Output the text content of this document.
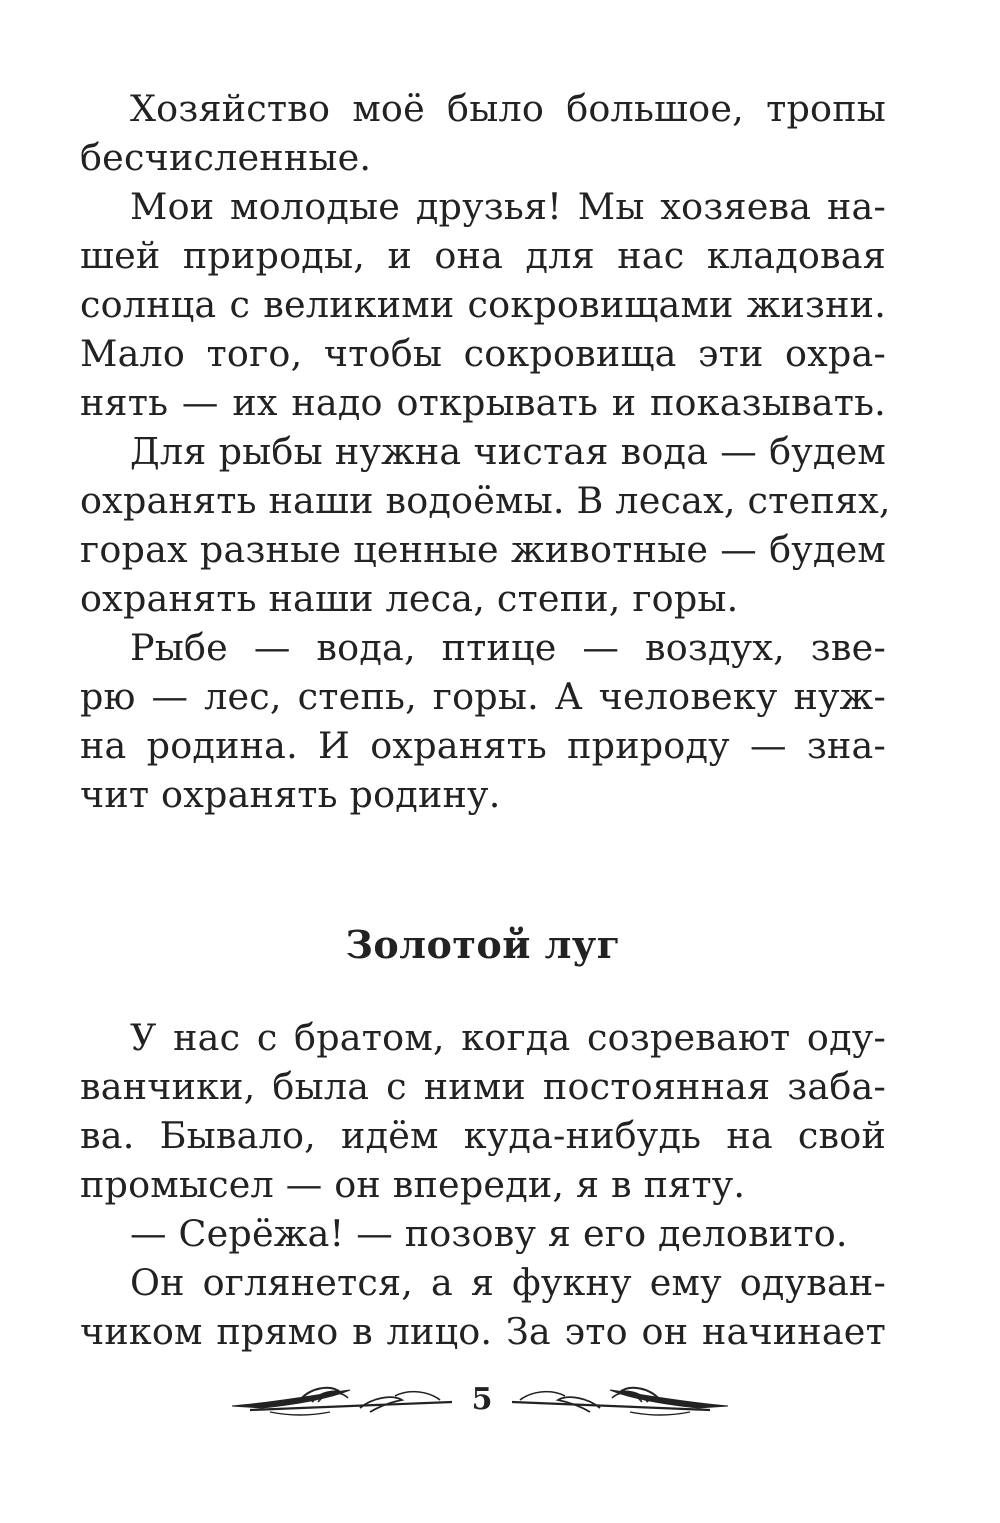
Хозяйство моё было большое, тропы
бесчисленные.
Мои молодые друзья! Мы хозяева на-
шей природы, и она для нас кладовая
солнца с великими сокровищами жизни.
Мало того, чтобы сокровища эти охра-
нять — их надо открывать и показывать.
Для рыбы нужна чистая вода — будем
охранять наши водоёмы. В лесах, степях,
горах разные ценные животные — будем
охранять наши леса, степи, горы.
Рыбе — вода, птице — воздух, зве-
рю — лес, степь, горы. А человеку нуж-
на родина. И охранять природу — зна-
чит охранять родину.
Золотой луг
У нас с братом, когда созревают оду-
ванчики, была с ними постоянная заба-
ва. Бывало, идём куда-нибудь на свой
промысел — он впереди, я в пяту.
— Серёжа! — позову я его деловито.
Он оглянется, а я фукну ему одуван-
чиком прямо в лицо. За это он начинает
5
